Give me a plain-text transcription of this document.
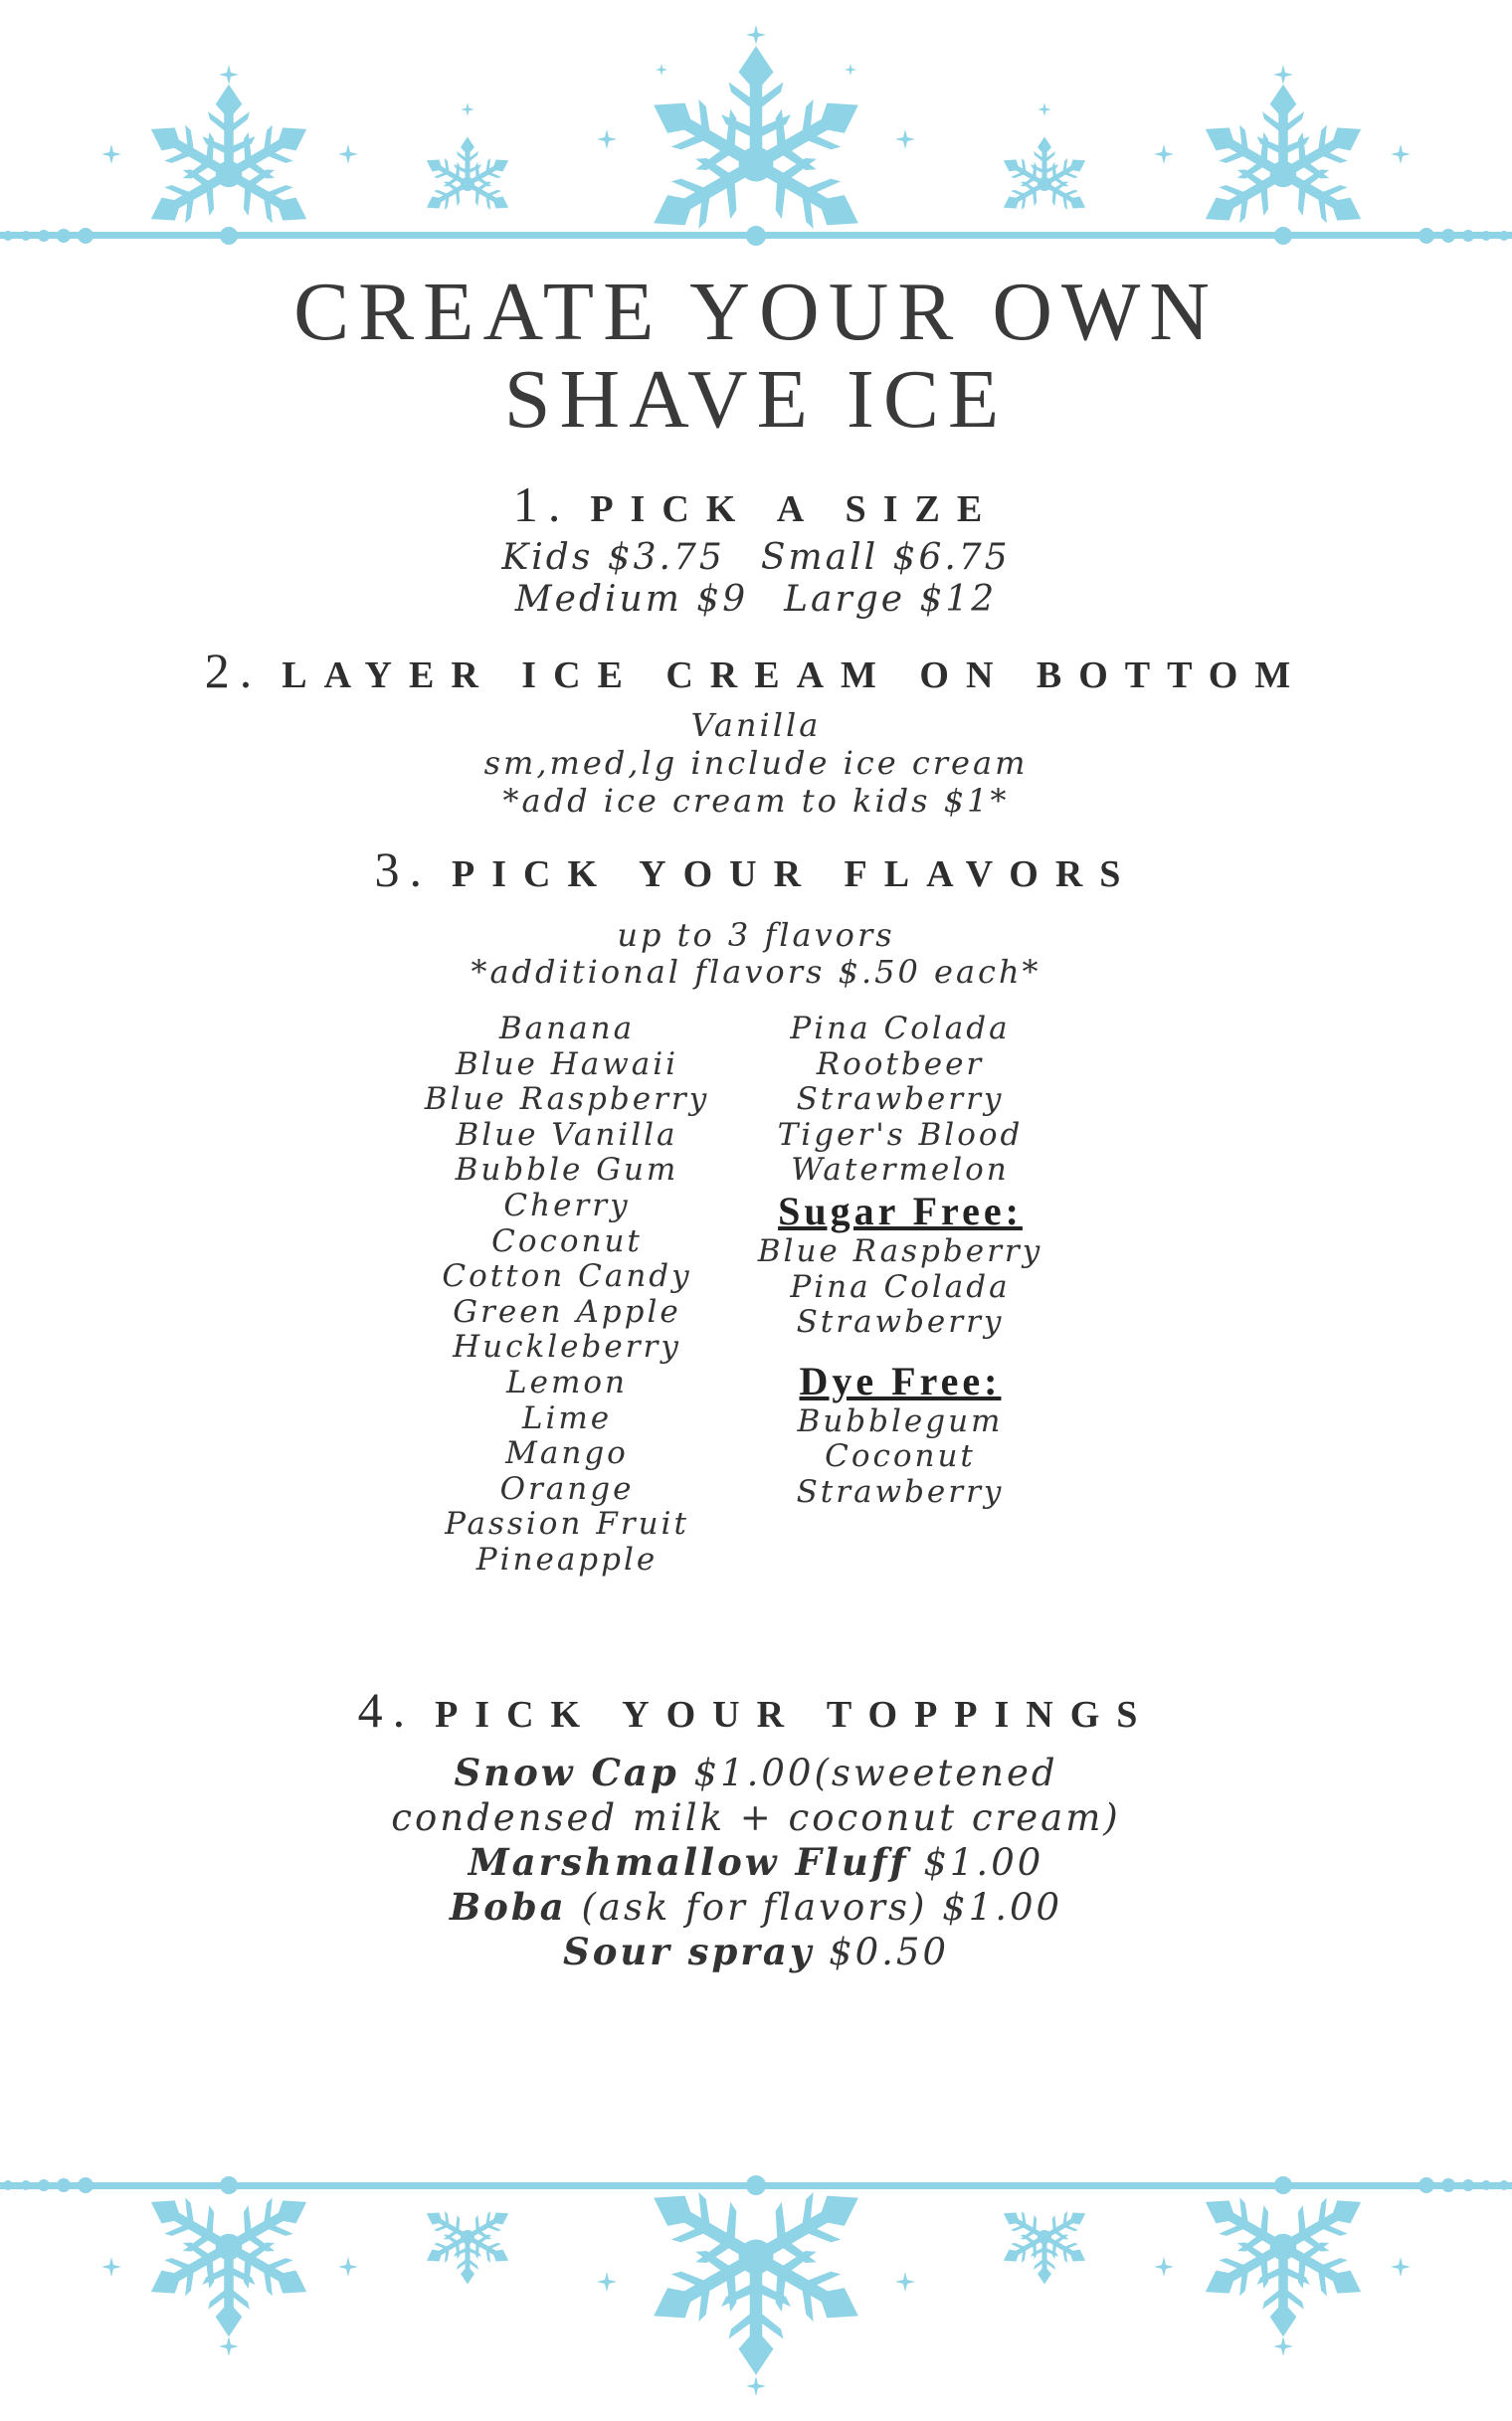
CREATE YOUR OWN
SHAVE ICE
1. PICK A SIZE
Kids $3.75 Small $6.75
Medium $9 Large $12
2. LAYER ICE CREAM ON BOTTOM
Vanilla
sm,med,lg include ice cream
*add ice cream to kids $1*
3. PICK YOUR FLAVORS
up to 3 flavors
*additional flavors $.50 each*
Banana
Blue Hawaii
Blue Raspberry
Blue Vanilla
Bubble Gum
Cherry
Coconut
Cotton Candy
Green Apple
Huckleberry
Lemon
Lime
Mango
Orange
Passion Fruit
Pineapple
Pina Colada
Rootbeer
Strawberry
Tiger's Blood
Watermelon
Sugar Free:
Blue Raspberry
Pina Colada
Strawberry
Dye Free:
Bubblegum
Coconut
Strawberry
4. PICK YOUR TOPPINGS
Snow Cap $1.00(sweetened
condensed milk + coconut cream)
Marshmallow Fluff $1.00
Boba (ask for flavors) $1.00
Sour spray $0.50
